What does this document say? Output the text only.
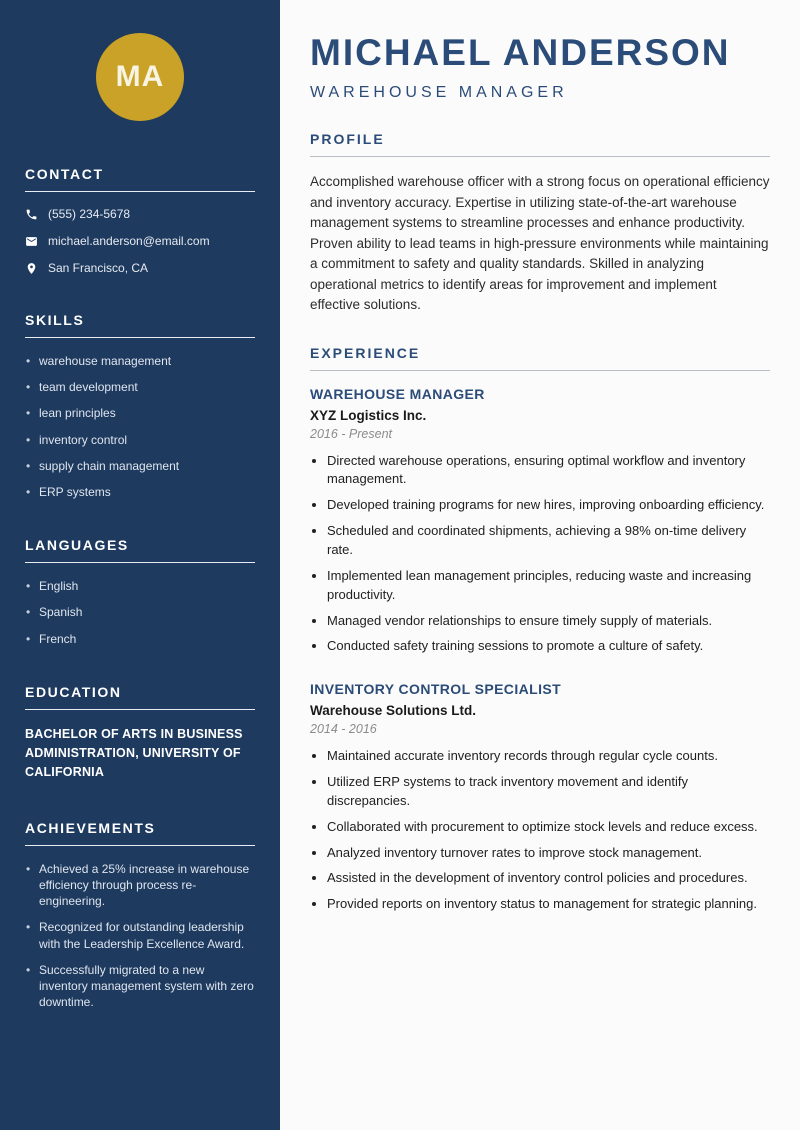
MA
CONTACT
(555) 234-5678
michael.anderson@email.com
San Francisco, CA
SKILLS
• warehouse management
• team development
• lean principles
• inventory control
• supply chain management
• ERP systems
LANGUAGES
• English
• Spanish
• French
EDUCATION

BACHELOR OF ARTS IN BUSINESS ADMINISTRATION, UNIVERSITY OF CALIFORNIA

ACHIEVEMENTS
• Achieved a 25% increase in warehouse efficiency through process re-engineering.
• Recognized for outstanding leadership with the Leadership Excellence Award.
• Successfully migrated to a new inventory management system with zero downtime.
MICHAEL ANDERSON
WAREHOUSE MANAGER
PROFILE

Accomplished warehouse officer with a strong focus on operational efficiency and inventory accuracy. Expertise in utilizing state-of-the-art warehouse management systems to streamline processes and enhance productivity. Proven ability to lead teams in high-pressure environments while maintaining a commitment to safety and quality standards. Skilled in analyzing operational metrics to identify areas for improvement and implement effective solutions.

EXPERIENCE
WAREHOUSE MANAGER
XYZ Logistics Inc.
2016 - Present
• Directed warehouse operations, ensuring optimal workflow and inventory management.
• Developed training programs for new hires, improving onboarding efficiency.
• Scheduled and coordinated shipments, achieving a 98% on-time delivery rate.
• Implemented lean management principles, reducing waste and increasing productivity.
• Managed vendor relationships to ensure timely supply of materials.
• Conducted safety training sessions to promote a culture of safety.
INVENTORY CONTROL SPECIALIST
Warehouse Solutions Ltd.
2014 - 2016
• Maintained accurate inventory records through regular cycle counts.
• Utilized ERP systems to track inventory movement and identify discrepancies.
• Collaborated with procurement to optimize stock levels and reduce excess.
• Analyzed inventory turnover rates to improve stock management.
• Assisted in the development of inventory control policies and procedures.
• Provided reports on inventory status to management for strategic planning.
